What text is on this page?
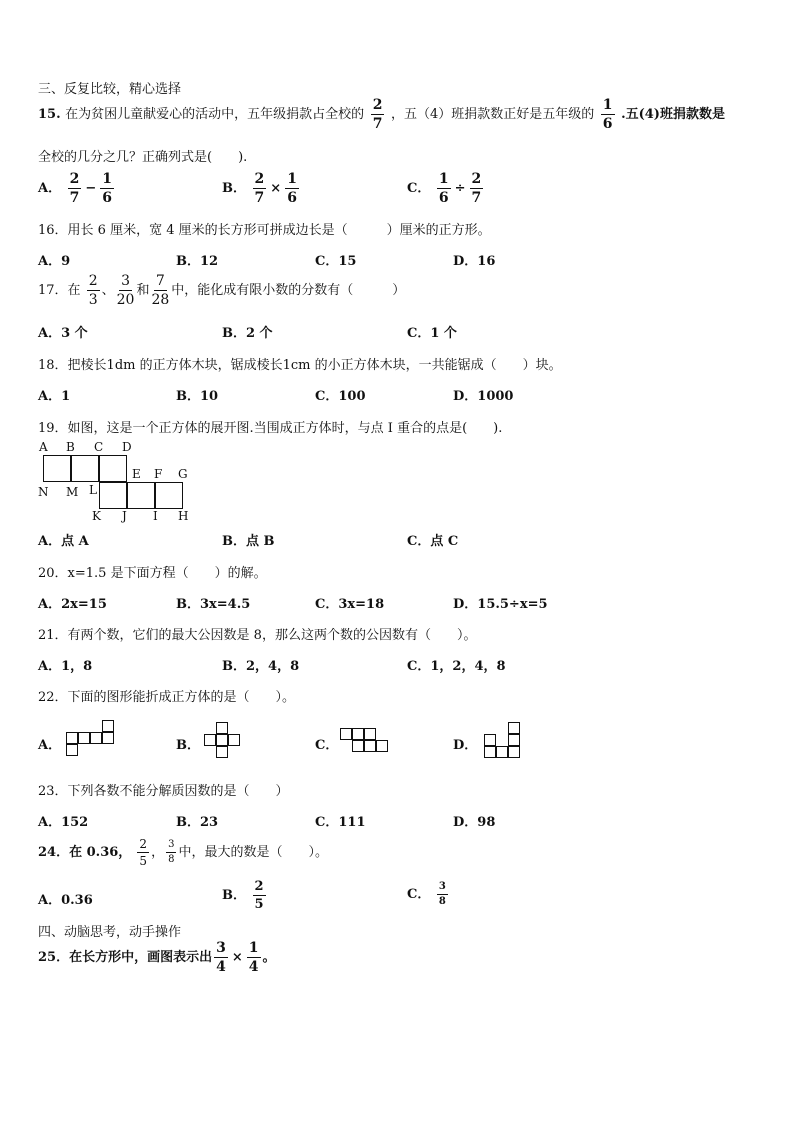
三、反复比较，精心选择
15. 在为贫困儿童献爱心的活动中，五年级捐款占全校的 $\frac{2}{7}$ ，五（4）班捐款数正好是五年级的 $\frac{1}{6}$ .五(4)班捐款数是
全校的几分之几？正确列式是(　　).
A． $\frac{2}{7} - \frac{1}{6}$	B． $\frac{2}{7} \times \frac{1}{6}$	C． $\frac{1}{6} \div \frac{2}{7}$
16．用长 6 厘米，宽 4 厘米的长方形可拼成边长是（　　　）厘米的正方形。
A．9	B．12	C．15	D．16
17．在 $\frac{2}{3}$ 、 $\frac{3}{20}$ 和 $\frac{7}{28}$ 中，能化成有限小数的分数有（　　　）
A．3 个	B．2 个	C．1 个
18．把棱长1dm 的正方体木块，锯成棱长1cm 的小正方体木块，一共能锯成（　　）块。
A．1	B．10	C．100	D．1000
19．如图，这是一个正方体的展开图.当围成正方体时，与点 I 重合的点是(　　).
A B C D
E F G
N M L
K J I H
A．点 A	B．点 B	C．点 C
20．x=1.5 是下面方程（　　）的解。
A．2x=15	B．3x=4.5	C．3x=18	D．15.5÷x=5
21．有两个数，它们的最大公因数是 8，那么这两个数的公因数有（　　）。
A．1，8	B．2，4，8	C．1，2，4，8
22．下面的图形能折成正方体的是（　　）。
A．	B．	C．	D．
23．下列各数不能分解质因数的是（　　）
A．152	B．23	C．111	D．98
24．在 0.36， $\frac{2}{5}$ ， $\frac{3}{8}$ 中，最大的数是（　　）。
A．0.36	B． $\frac{2}{5}$	C． $\frac{3}{8}$
四、动脑思考，动手操作
25．在长方形中，画图表示出 $\frac{3}{4} \times \frac{1}{4}$ 。
